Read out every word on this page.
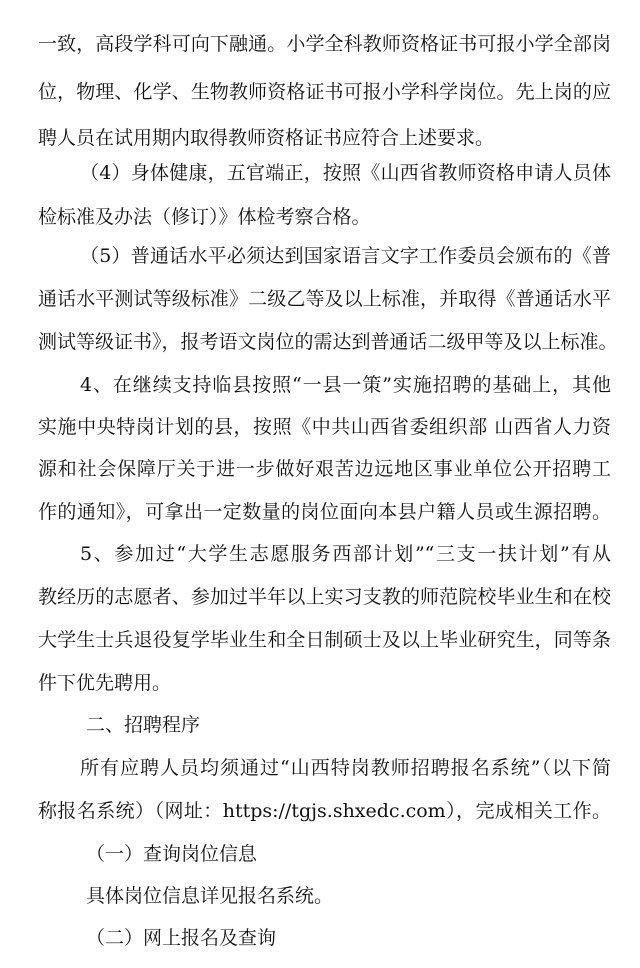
一致，高段学科可向下融通。小学全科教师资格证书可报小学全部岗
位，物理、化学、生物教师资格证书可报小学科学岗位。先上岗的应
聘人员在试用期内取得教师资格证书应符合上述要求。
（4）身体健康，五官端正，按照《山西省教师资格申请人员体
检标准及办法（修订）》体检考察合格。
（5）普通话水平必须达到国家语言文字工作委员会颁布的《普
通话水平测试等级标准》二级乙等及以上标准，并取得《普通话水平
测试等级证书》，报考语文岗位的需达到普通话二级甲等及以上标准。
4、在继续支持临县按照“一县一策”实施招聘的基础上，其他
实施中央特岗计划的县，按照《中共山西省委组织部 山西省人力资
源和社会保障厅关于进一步做好艰苦边远地区事业单位公开招聘工
作的通知》，可拿出一定数量的岗位面向本县户籍人员或生源招聘。
5、参加过“大学生志愿服务西部计划”“三支一扶计划”有从
教经历的志愿者、参加过半年以上实习支教的师范院校毕业生和在校
大学生士兵退役复学毕业生和全日制硕士及以上毕业研究生，同等条
件下优先聘用。
二、招聘程序
所有应聘人员均须通过“山西特岗教师招聘报名系统”（以下简
称报名系统）（网址：https://tgjs.shxedc.com），完成相关工作。
（一）查询岗位信息
具体岗位信息详见报名系统。
（二）网上报名及查询
